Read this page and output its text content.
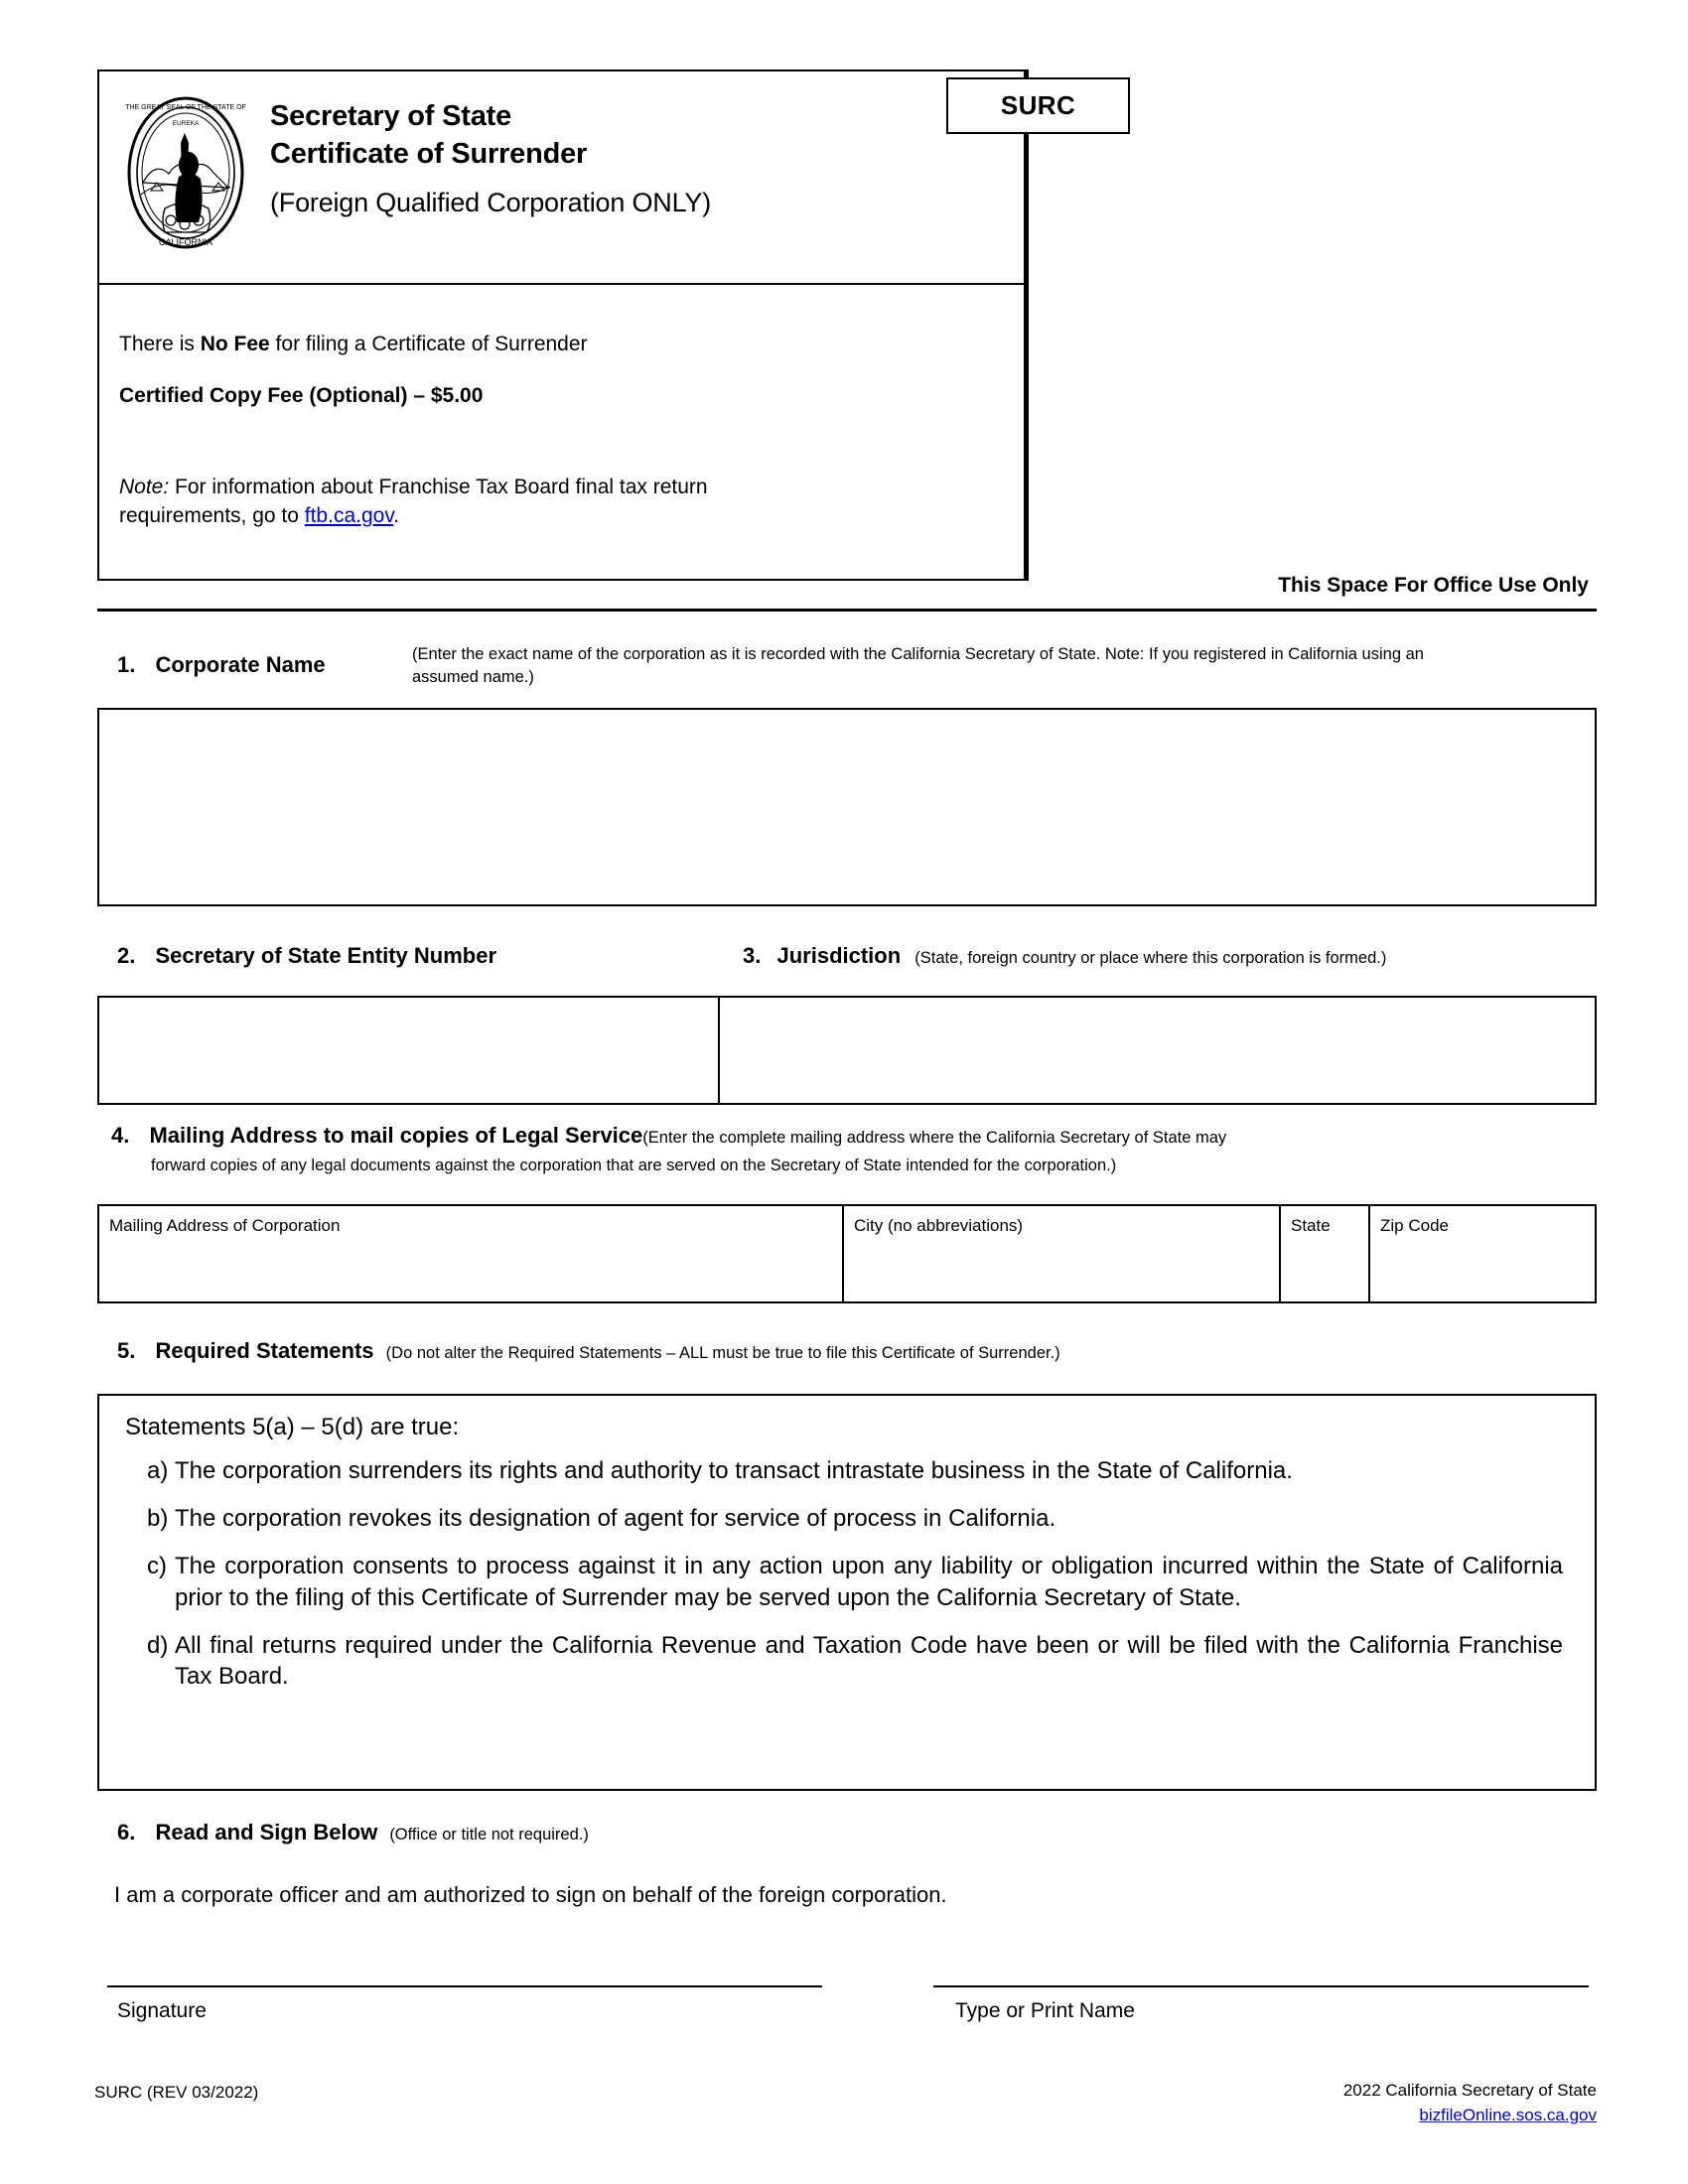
THE GREAT SEAL OF THE STATE OF
EUREKA
CALIFORNIA
Secretary of State
Certificate of Surrender
(Foreign Qualified Corporation ONLY)
SURC
There is No Fee for filing a Certificate of Surrender
Certified Copy Fee (Optional) – $5.00
Note: For information about Franchise Tax Board final tax return requirements, go to ftb.ca.gov.
This Space For Office Use Only
1. Corporate Name	(Enter the exact name of the corporation as it is recorded with the California Secretary of State. Note: If you registered in California using an assumed name.)
2. Secretary of State Entity Number	3. Jurisdiction (State, foreign country or place where this corporation is formed.)
4. Mailing Address to mail copies of Legal Service(Enter the complete mailing address where the California Secretary of State may
forward copies of any legal documents against the corporation that are served on the Secretary of State intended for the corporation.)
Mailing Address of Corporation	City (no abbreviations)	State	Zip Code
5. Required Statements (Do not alter the Required Statements – ALL must be true to file this Certificate of Surrender.)
Statements 5(a) – 5(d) are true:
a) The corporation surrenders its rights and authority to transact intrastate business in the State of California.
b) The corporation revokes its designation of agent for service of process in California.
c) The corporation consents to process against it in any action upon any liability or obligation incurred within the State of California prior to the filing of this Certificate of Surrender may be served upon the California Secretary of State.
d) All final returns required under the California Revenue and Taxation Code have been or will be filed with the California Franchise Tax Board.
6. Read and Sign Below (Office or title not required.)
I am a corporate officer and am authorized to sign on behalf of the foreign corporation.
Signature	Type or Print Name
SURC (REV 03/2022)	2022 California Secretary of State
bizfileOnline.sos.ca.gov
